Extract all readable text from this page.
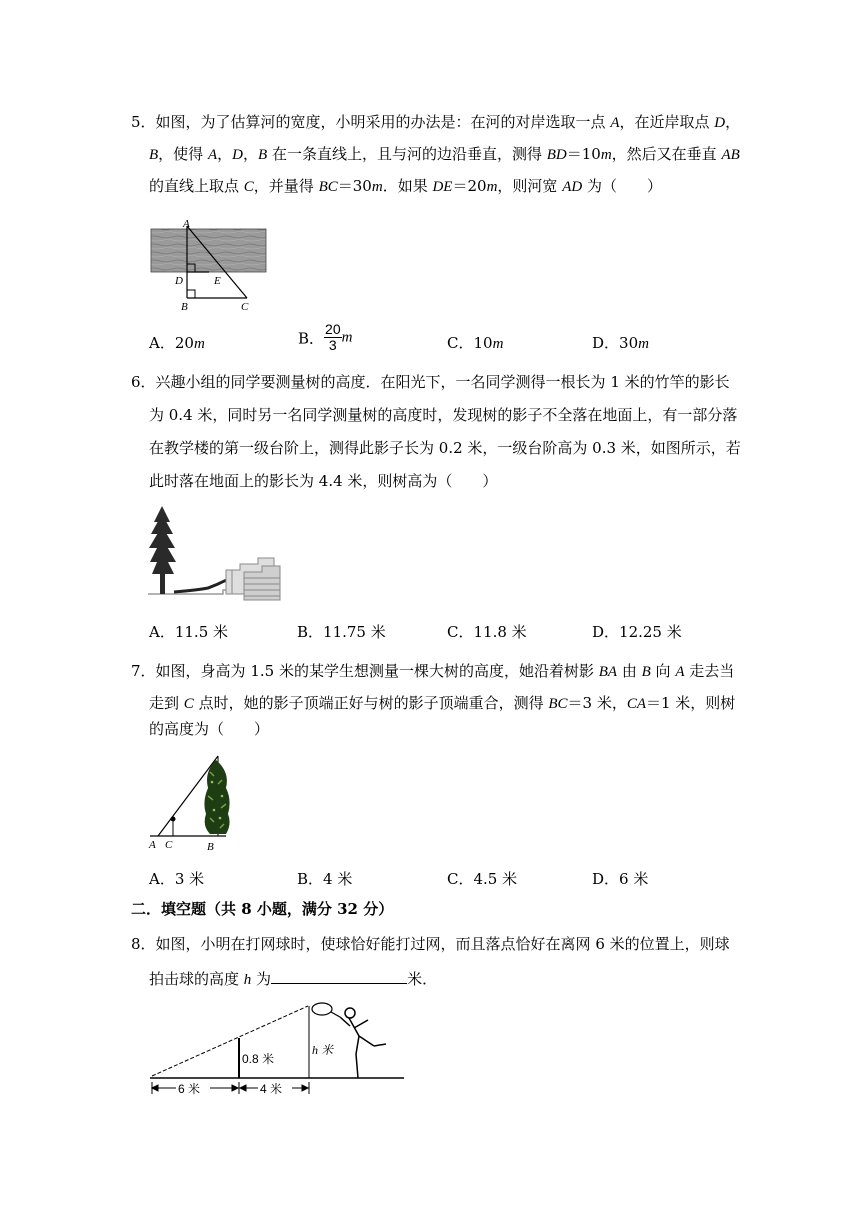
5．如图，为了估算河的宽度，小明采用的办法是：在河的对岸选取一点 A，在近岸取点 D，
B，使得 A，D，B 在一条直线上，且与河的边沿垂直，测得 BD＝10m，然后又在垂直 AB
的直线上取点 C，并量得 BC＝30m．如果 DE＝20m，则河宽 AD 为（　　）
A
D	E
B	C
A．20m	B． $\frac{20}{3}$ m	C．10m	D．30m
6．兴趣小组的同学要测量树的高度．在阳光下，一名同学测得一根长为 1 米的竹竿的影长
为 0.4 米，同时另一名同学测量树的高度时，发现树的影子不全落在地面上，有一部分落
在教学楼的第一级台阶上，测得此影子长为 0.2 米，一级台阶高为 0.3 米，如图所示，若
此时落在地面上的影长为 4.4 米，则树高为（　　）
A．11.5 米	B．11.75 米	C．11.8 米	D．12.25 米
7．如图，身高为 1.5 米的某学生想测量一棵大树的高度，她沿着树影 BA 由 B 向 A 走去当
走到 C 点时，她的影子顶端正好与树的影子顶端重合，测得 BC＝3 米，CA＝1 米，则树
的高度为（　　）
A C	B
A．3 米	B．4 米	C．4.5 米	D．6 米
二．填空题（共 8 小题，满分 32 分）
8．如图，小明在打网球时，使球恰好能打过网，而且落点恰好在离网 6 米的位置上，则球
拍击球的高度 h 为	米．
0.8 米
h 米
6 米	4 米
